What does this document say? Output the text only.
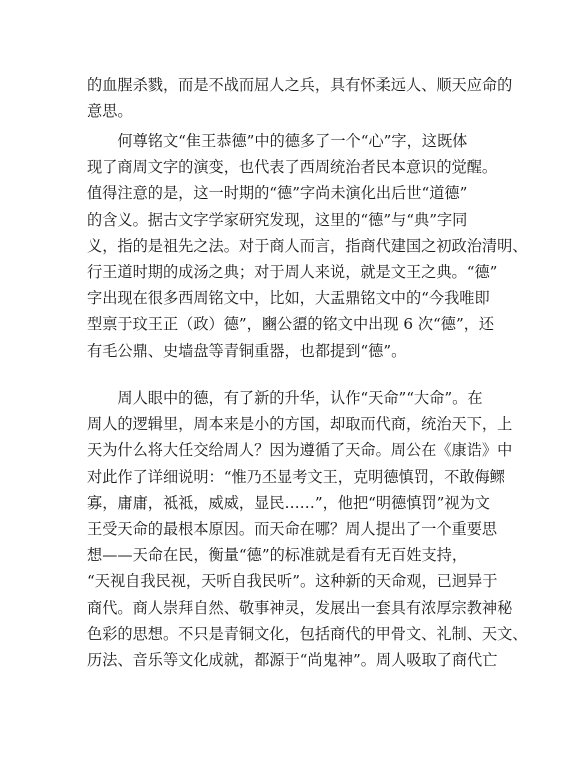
的血腥杀戮，而是不战而屈人之兵，具有怀柔远人、顺天应命的
意思。

　　何尊铭文“隹王恭德”中的德多了一个“心”字，这既体
现了商周文字的演变，也代表了西周统治者民本意识的觉醒。
值得注意的是，这一时期的“德”字尚未演化出后世“道德”
的含义。据古文字学家研究发现，这里的“德”与“典”字同
义，指的是祖先之法。对于商人而言，指商代建国之初政治清明、
行王道时期的成汤之典；对于周人来说，就是文王之典。“德”
字出现在很多西周铭文中，比如，大盂鼎铭文中的“今我唯即
型禀于玟王正（政）德”，豳公盨的铭文中出现 6 次“德”，还
有毛公鼎、史墙盘等青铜重器，也都提到“德”。

　　周人眼中的德，有了新的升华，认作“天命”“大命”。在
周人的逻辑里，周本来是小的方国，却取而代商，统治天下，上
天为什么将大任交给周人？因为遵循了天命。周公在《康诰》中
对此作了详细说明：“惟乃丕显考文王，克明德慎罚，不敢侮鳏
寡，庸庸，祗祗，威威，显民……”，他把“明德慎罚”视为文
王受天命的最根本原因。而天命在哪？周人提出了一个重要思
想——天命在民，衡量“德”的标准就是看有无百姓支持，
“天视自我民视，天听自我民听”。这种新的天命观，已迥异于
商代。商人崇拜自然、敬事神灵，发展出一套具有浓厚宗教神秘
色彩的思想。不只是青铜文化，包括商代的甲骨文、礼制、天文、
历法、音乐等文化成就，都源于“尚鬼神”。周人吸取了商代亡
